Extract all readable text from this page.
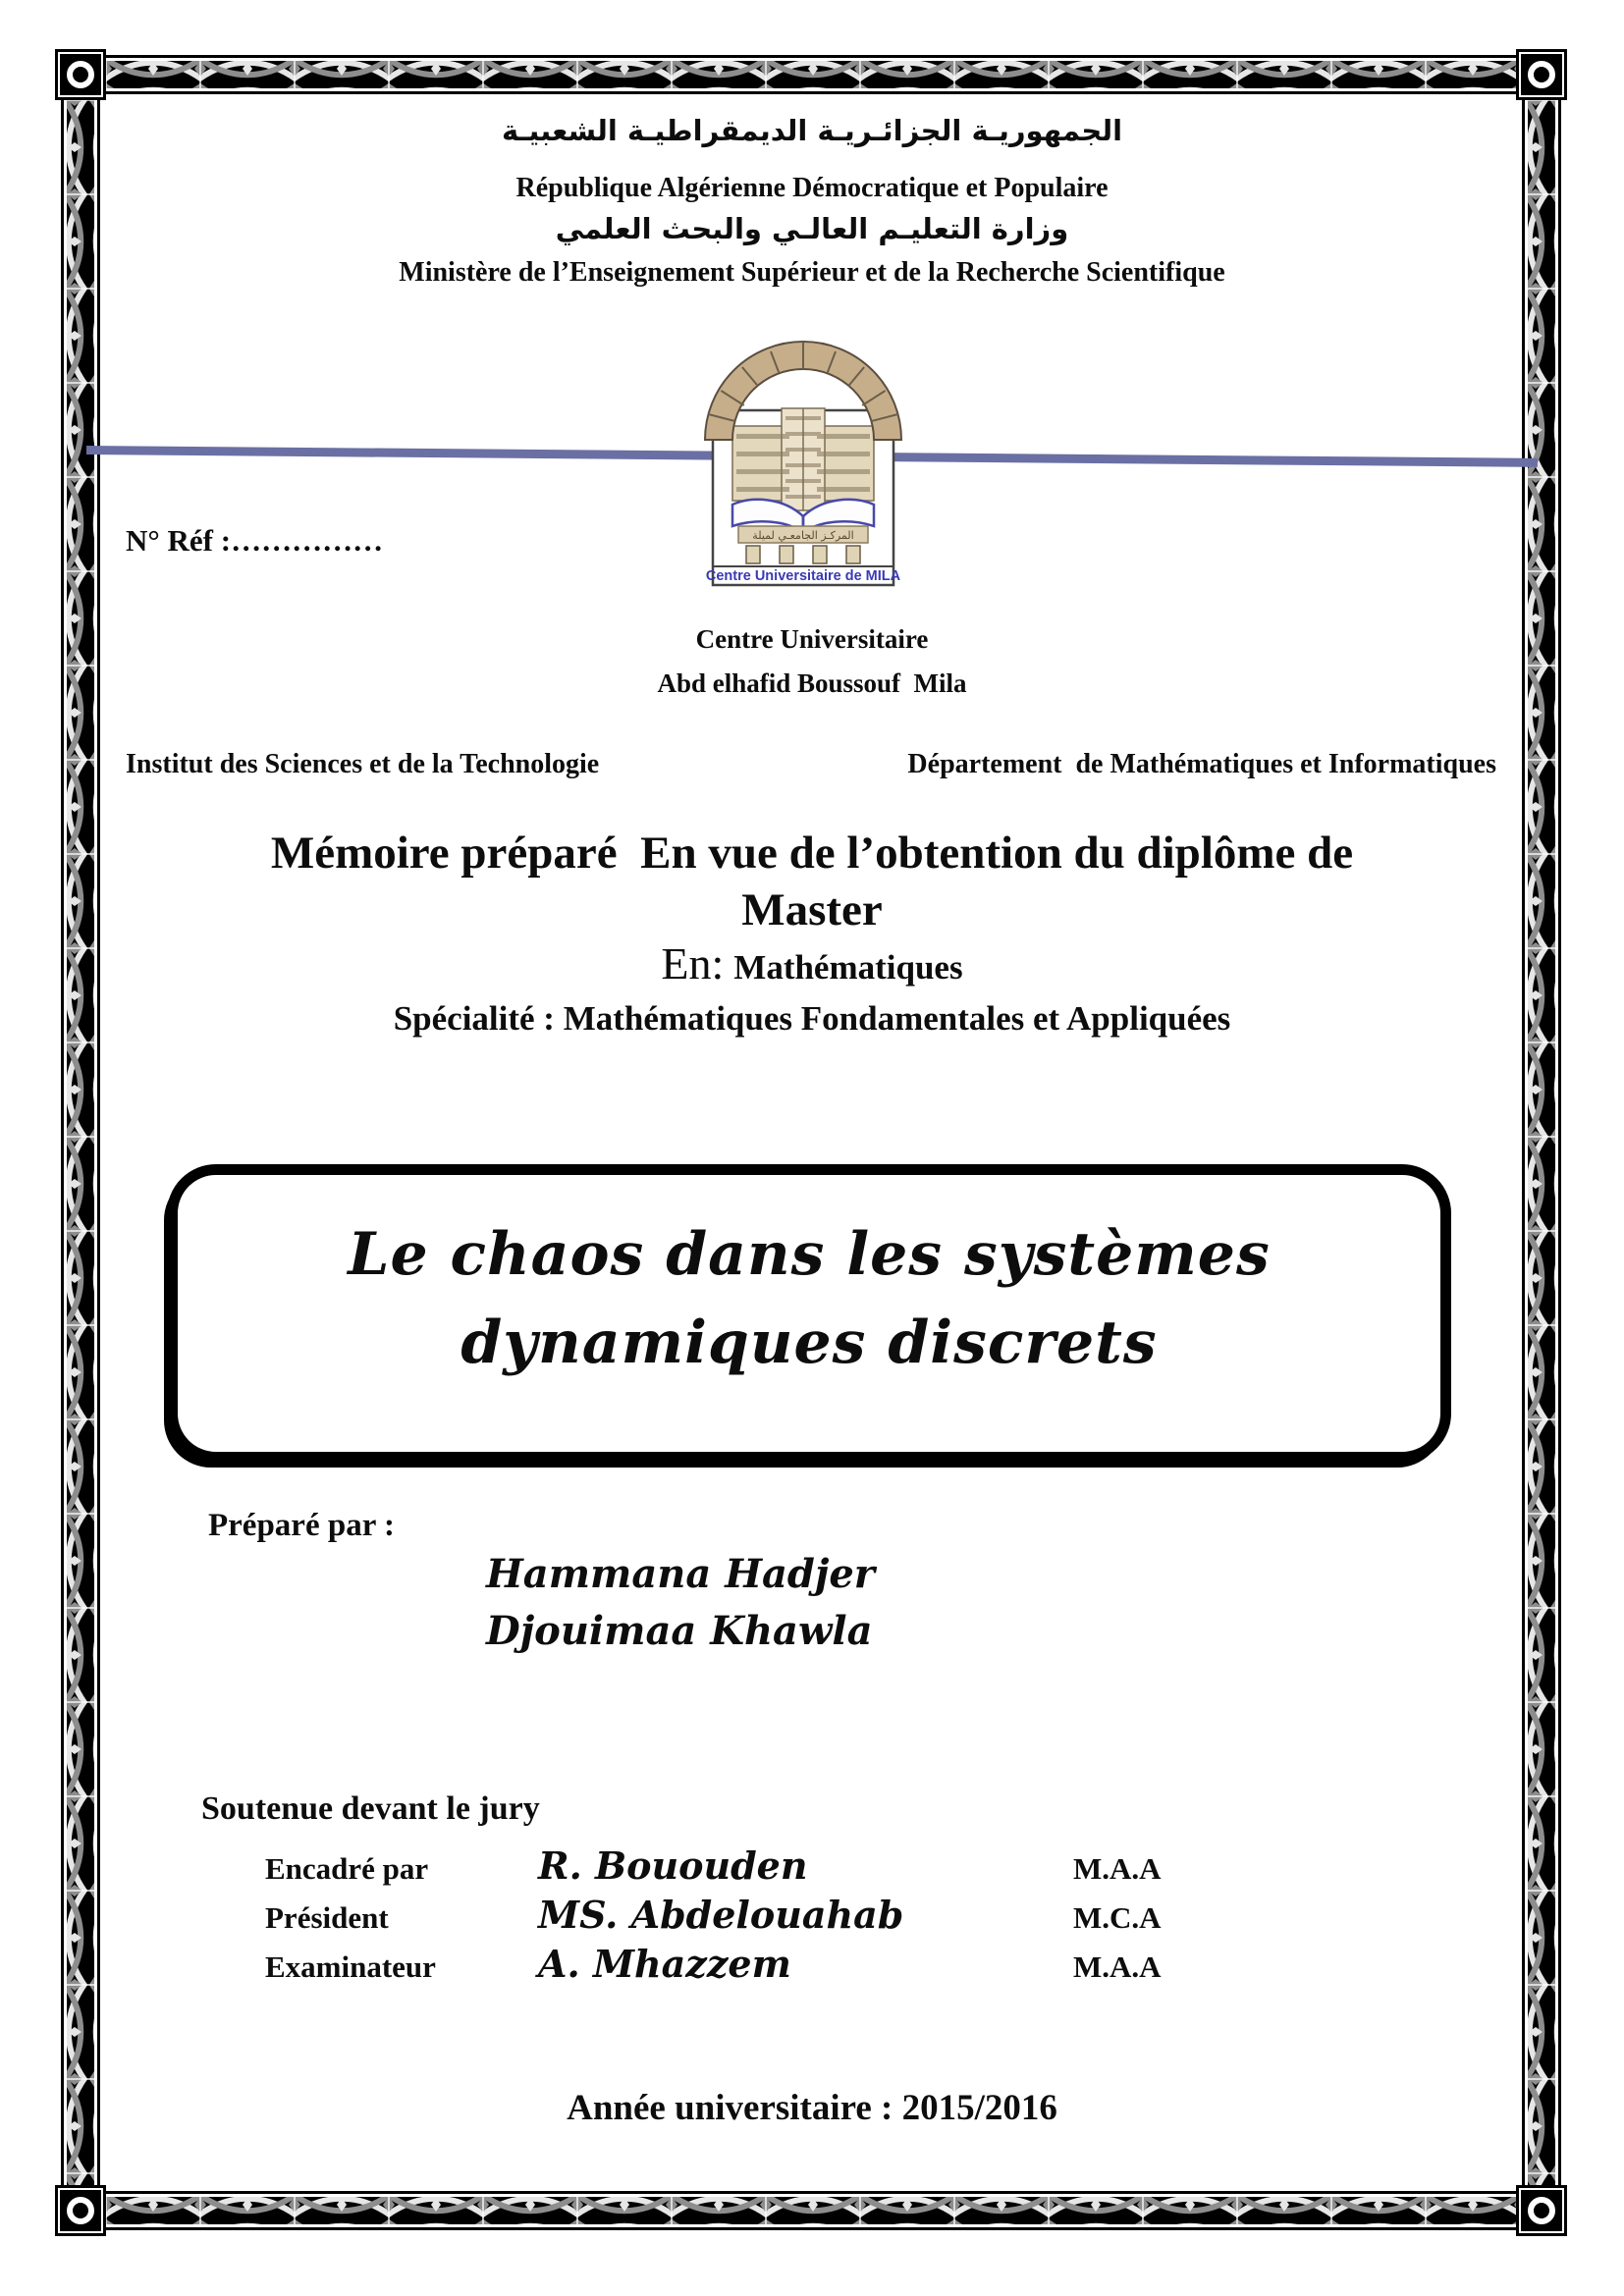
الجمهوريـة الجزائـريـة الديمقراطيـة الشعبيـة
République Algérienne Démocratique et Populaire
وزارة التعليـم العالـي والبحث العلمي
Ministère de l’Enseignement Supérieur et de la Recherche Scientifique
المركـز الجامعـي لميلة
Centre Universitaire de MILA
N° Réf :……………
Centre Universitaire
Abd elhafid Boussouf  Mila
Institut des Sciences et de la Technologie	Département  de Mathématiques et Informatiques
Mémoire préparé  En vue de l’obtention du diplôme de
Master
En: Mathématiques
Spécialité : Mathématiques Fondamentales et Appliquées
Le chaos dans les systèmes
dynamiques discrets
Préparé par :
Hammana Hadjer
Djouimaa Khawla
Soutenue devant le jury
Encadré par	R. Bououden	M.A.A
Président	MS. Abdelouahab	M.C.A
Examinateur	A. Mhazzem	M.A.A
Année universitaire : 2015/2016
